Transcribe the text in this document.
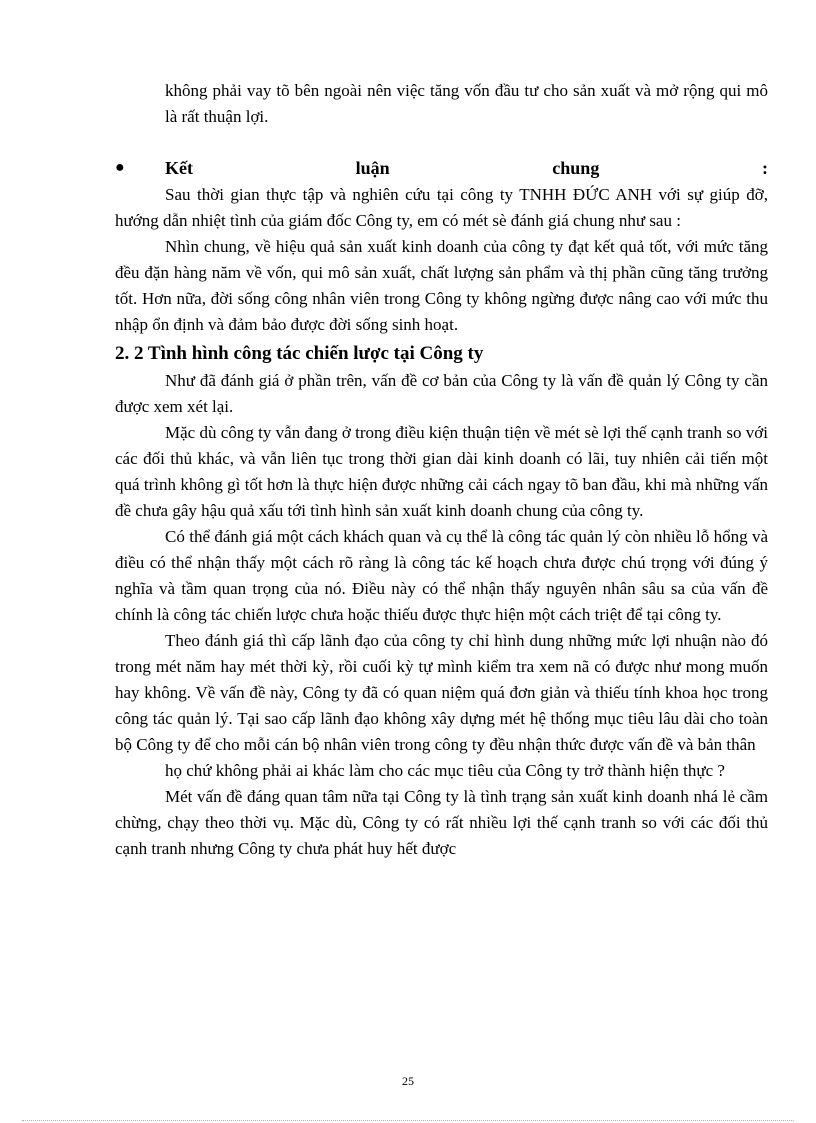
không phải vay tõ bên ngoài nên việc tăng vốn đầu tư cho sản xuất và mở rộng qui mô là rất thuận lợi.

● Kết	luận	chung	:

Sau thời gian thực tập và nghiên cứu tại công ty TNHH ĐỨC ANH với sự giúp đỡ, hướng dẫn nhiệt tình của giám đốc Công ty, em có mét sè đánh giá chung như sau :

Nhìn chung, về hiệu quả sản xuất kinh doanh của công ty đạt kết quả tốt, với mức tăng đều đặn hàng năm về vốn, qui mô sản xuất, chất lượng sản phẩm và thị phần cũng tăng trưởng tốt. Hơn nữa, đời sống công nhân viên trong Công ty không ngừng được nâng cao với mức thu nhập ổn định và đảm bảo được đời sống sinh hoạt.

2. 2 Tình hình công tác chiến lược tại Công ty

Như đã đánh giá ở phần trên, vấn đề cơ bản của Công ty là vấn đề quản lý Công ty cần được xem xét lại.

Mặc dù công ty vẫn đang ở trong điều kiện thuận tiện về mét sè lợi thế cạnh tranh so với các đối thủ khác, và vẫn liên tục trong thời gian dài kinh doanh có lãi, tuy nhiên cải tiến một quá trình không gì tốt hơn là thực hiện được những cải cách ngay tõ ban đầu, khi mà những vấn đề chưa gây hậu quả xấu tới tình hình sản xuất kinh doanh chung của công ty.

Có thể đánh giá một cách khách quan và cụ thể là công tác quản lý còn nhiều lỗ hổng và điều có thể nhận thấy một cách rõ ràng là công tác kế hoạch chưa được chú trọng với đúng ý nghĩa và tầm quan trọng của nó. Điều này có thể nhận thấy nguyên nhân sâu sa của vấn đề chính là công tác chiến lược chưa hoặc thiếu được thực hiện một cách triệt để tại công ty.

Theo đánh giá thì cấp lãnh đạo của công ty chỉ hình dung những mức lợi nhuận nào đó trong mét năm hay mét thời kỳ, rồi cuối kỳ tự mình kiểm tra xem nã có được như mong muốn hay không. Về vấn đề này, Công ty đã có quan niệm quá đơn giản và thiếu tính khoa học trong công tác quản lý. Tại sao cấp lãnh đạo không xây dựng mét hệ thống mục tiêu lâu dài cho toàn bộ Công ty để cho mỗi cán bộ nhân viên trong công ty đều nhận thức được vấn đề và bản thân

họ chứ không phải ai khác làm cho các mục tiêu của Công ty trở thành hiện thực ?

Mét vấn đề đáng quan tâm nữa tại Công ty là tình trạng sản xuất kinh doanh nhá lẻ cầm chừng, chạy theo thời vụ. Mặc dù, Công ty có rất nhiều lợi thế cạnh tranh so với các đối thủ cạnh tranh nhưng Công ty chưa phát huy hết được

25
